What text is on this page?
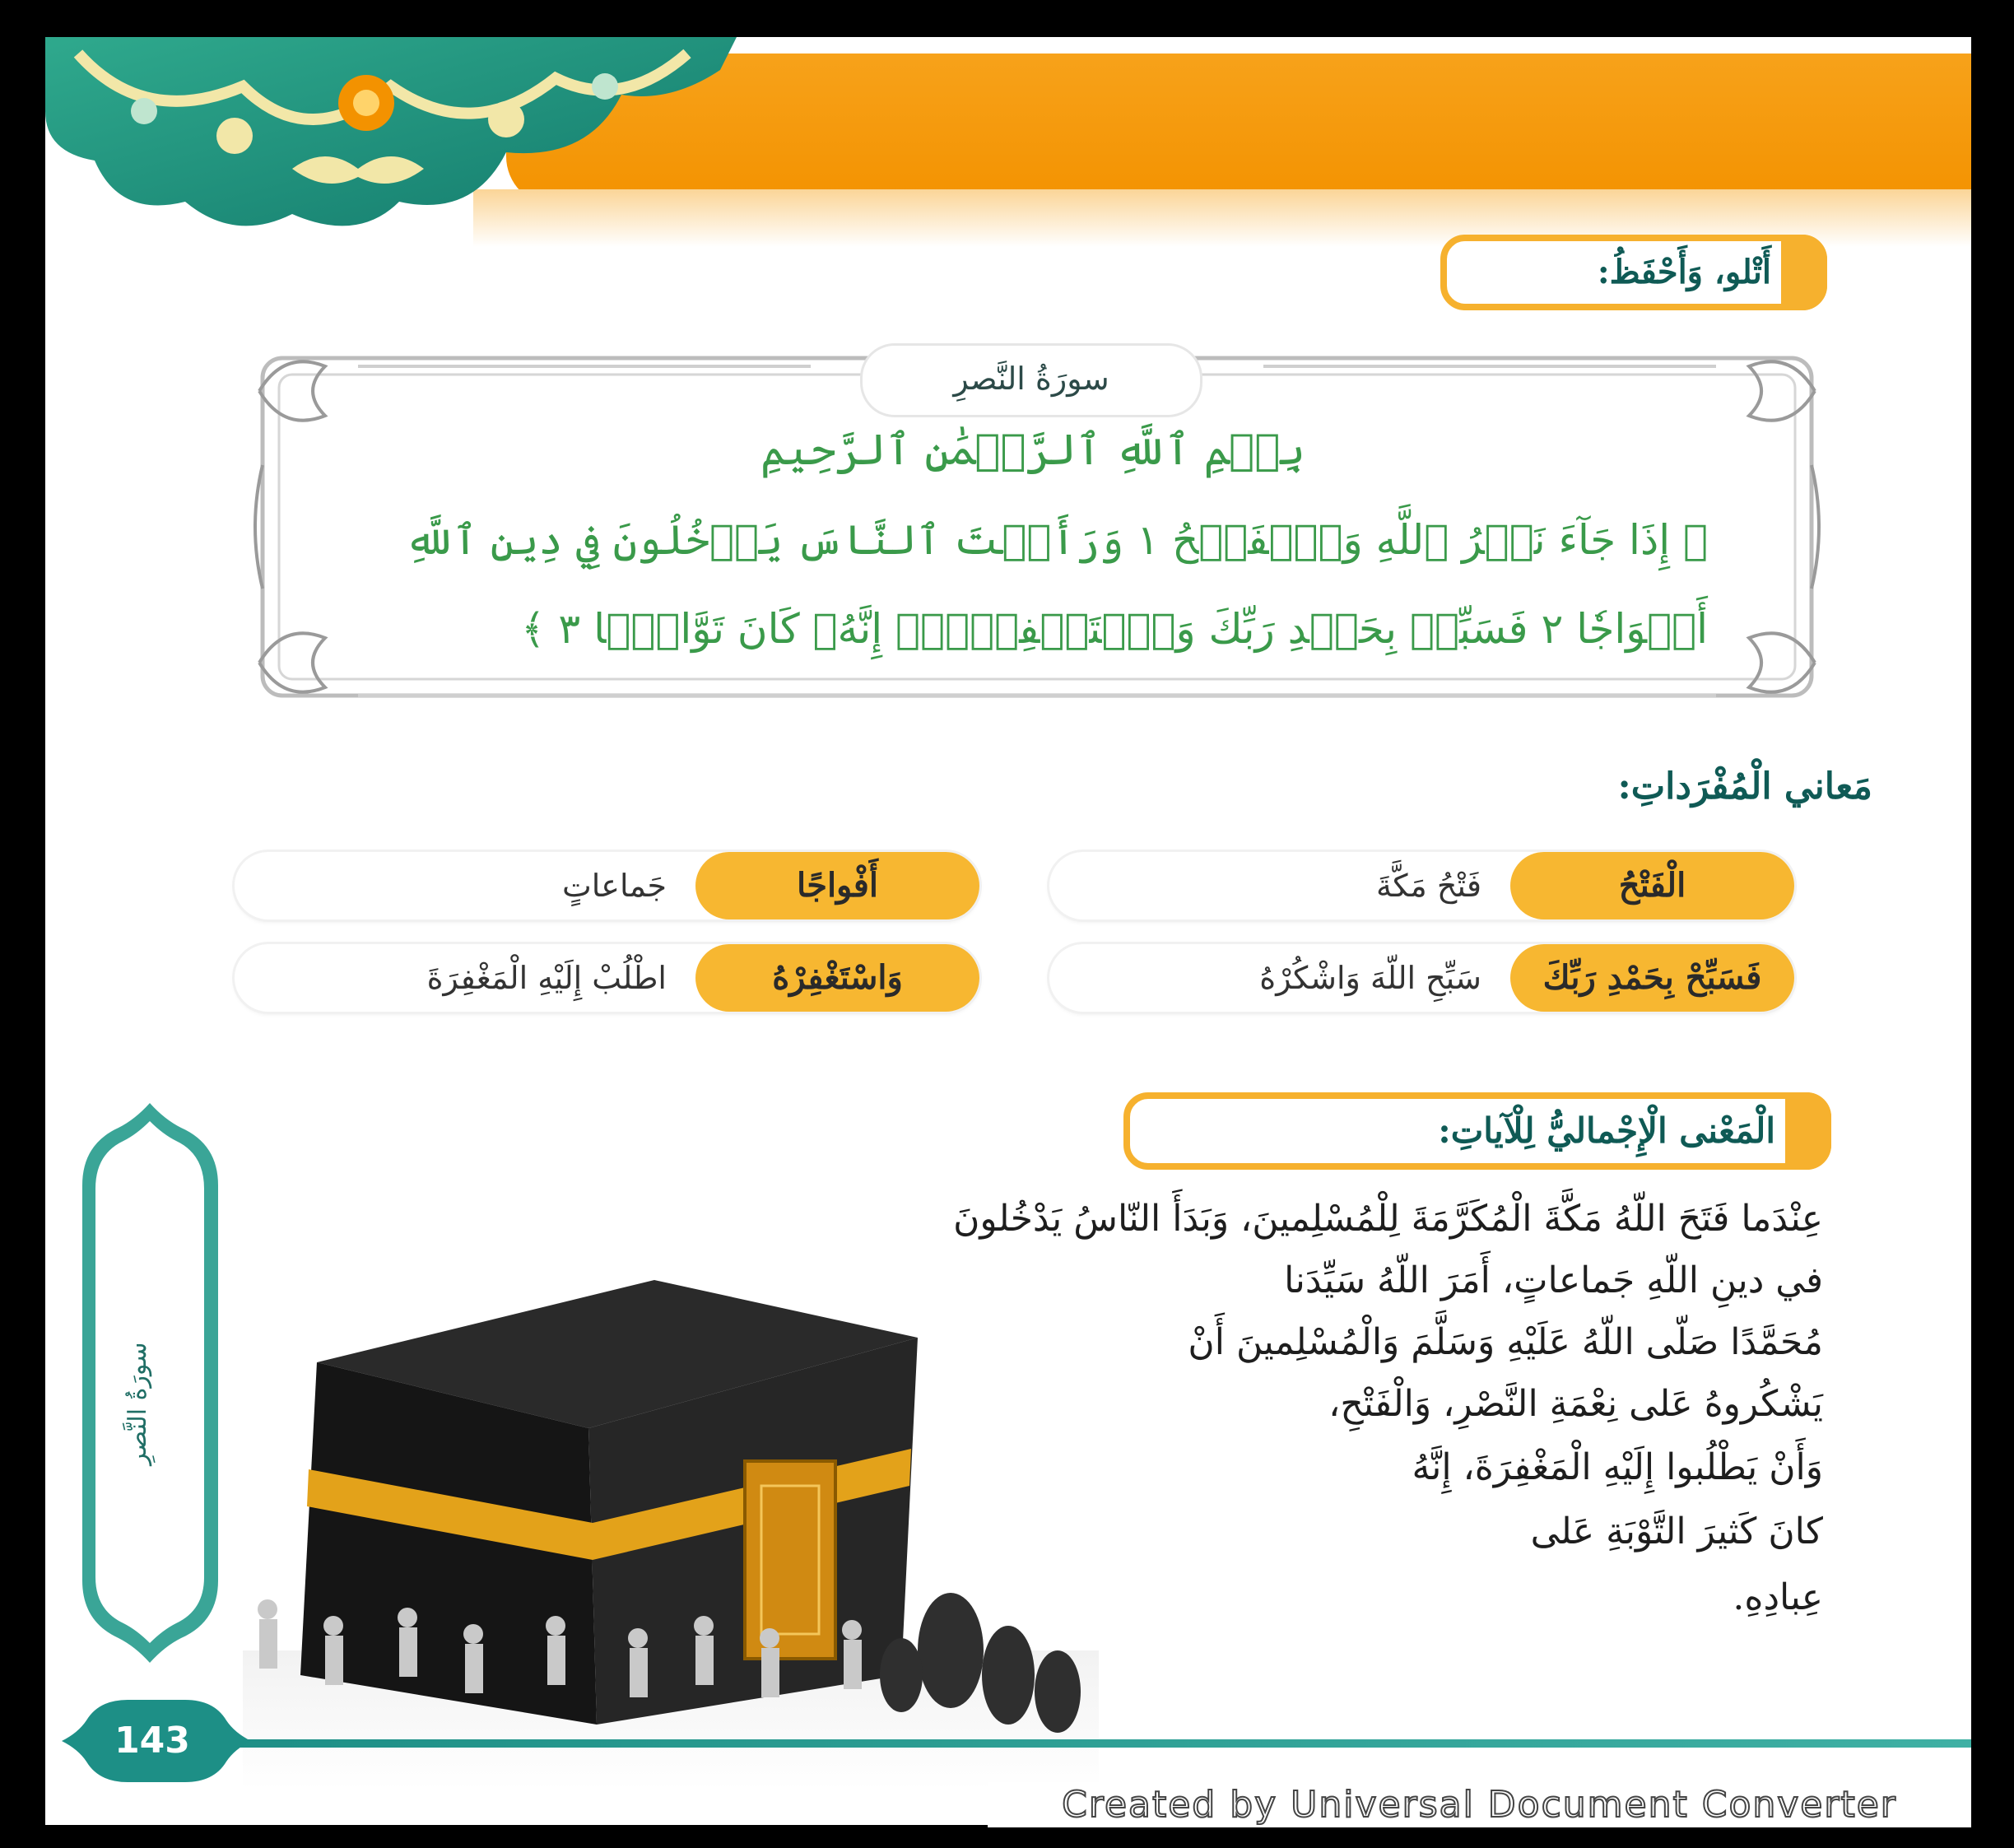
أَتْلو، وَأَحْفَظُ:
سورَةُ النَّصرِ
بِسۡمِ ٱللَّهِ ٱلرَّحۡمَٰنِ ٱلرَّحِيمِ
﴿ إِذَا جَآءَ نَصۡرُ ٱللَّهِ وَٱلۡفَتۡحُ ١ وَرَأَيۡتَ ٱلنَّاسَ يَدۡخُلُونَ فِي دِينِ ٱللَّهِ
أَفۡوَاجٗا ٢ فَسَبِّحۡ بِحَمۡدِ رَبِّكَ وَٱسۡتَغۡفِرۡهُۚ إِنَّهُۥ كَانَ تَوَّابَۢا ٣ ﴾
مَعاني الْمُفْرَداتِ:
الْفَتْحُ
فَتْحُ مَكَّةَ
أَفْواجًا
جَماعاتٍ
فَسَبِّحْ بِحَمْدِ رَبِّكَ
سَبِّحِ اللّهَ وَاشْكُرْهُ
وَاسْتَغْفِرْهُ
اطْلُبْ إِلَيْهِ الْمَغْفِرَةَ
الْمَعْنى الْإِجْماليُّ لِلْآياتِ:
عِنْدَما فَتَحَ اللّهُ مَكَّةَ الْمُكَرَّمَةَ لِلْمُسْلِمينَ، وَبَدَأَ النّاسُ يَدْخُلونَ
في دينِ اللّهِ جَماعاتٍ، أَمَرَ اللّهُ سَيِّدَنا
مُحَمَّدًا صَلّى اللّهُ عَلَيْهِ وَسَلَّمَ وَالْمُسْلِمينَ أَنْ
يَشْكُروهُ عَلى نِعْمَةِ النَّصْرِ، وَالْفَتْحِ،
وَأَنْ يَطْلُبوا إِلَيْهِ الْمَغْفِرَةَ، إِنَّهُ
كانَ كَثيرَ التَّوْبَةِ عَلى
عِبادِهِ.
سورَةُ النَّصرِ
143
Created by Universal Document Converter
